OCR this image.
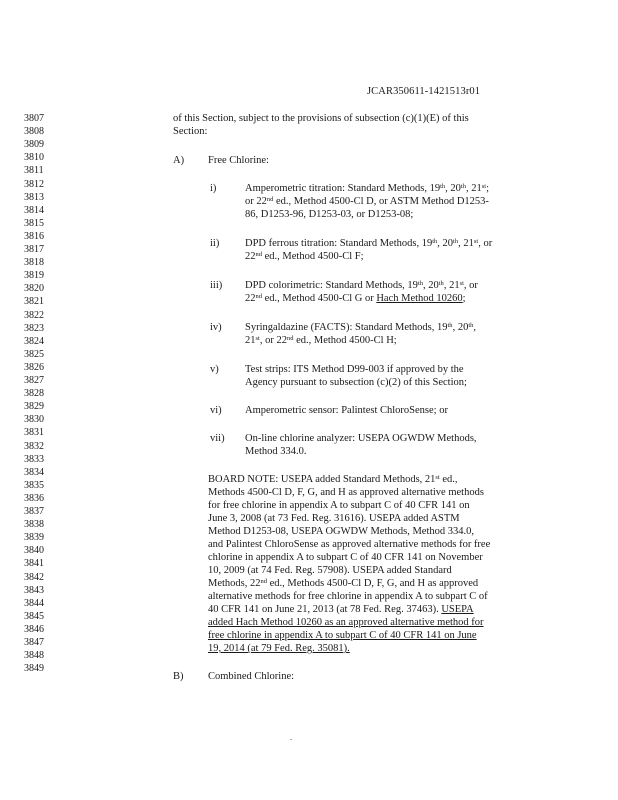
JCAR350611-1421513r01
3807
3808
3809
3810
3811
3812
3813
3814
3815
3816
3817
3818
3819
3820
3821
3822
3823
3824
3825
3826
3827
3828
3829
3830
3831
3832
3833
3834
3835
3836
3837
3838
3839
3840
3841
3842
3843
3844
3845
3846
3847
3848
3849
of this Section, subject to the provisions of subsection (c)(1)(E) of this
Section:
A) Free Chlorine:
i)	Amperometric titration: Standard Methods, 19th, 20th, 21st;
or 22nd ed., Method 4500-Cl D, or ASTM Method D1253-
86, D1253-96, D1253-03, or D1253-08;
ii) DPD ferrous titration: Standard Methods, 19th, 20th, 21st, or
22nd ed., Method 4500-Cl F;
iii) DPD colorimetric: Standard Methods, 19th, 20th, 21st, or
22nd ed., Method 4500-Cl G or Hach Method 10260;
iv) Syringaldazine (FACTS): Standard Methods, 19th, 20th,
21st, or 22nd ed., Method 4500-Cl H;
v)	Test strips: ITS Method D99-003 if approved by the
Agency pursuant to subsection (c)(2) of this Section;
vi) Amperometric sensor: Palintest ChloroSense; or
vii) On-line chlorine analyzer: USEPA OGWDW Methods,
Method 334.0.
BOARD NOTE: USEPA added Standard Methods, 21st ed.,
Methods 4500-Cl D, F, G, and H as approved alternative methods
for free chlorine in appendix A to subpart C of 40 CFR 141 on
June 3, 2008 (at 73 Fed. Reg. 31616). USEPA added ASTM
Method D1253-08, USEPA OGWDW Methods, Method 334.0,
and Palintest ChloroSense as approved alternative methods for free
chlorine in appendix A to subpart C of 40 CFR 141 on November
10, 2009 (at 74 Fed. Reg. 57908). USEPA added Standard
Methods, 22nd ed., Methods 4500-Cl D, F, G, and H as approved
alternative methods for free chlorine in appendix A to subpart C of
40 CFR 141 on June 21, 2013 (at 78 Fed. Reg. 37463). USEPA
added Hach Method 10260 as an approved alternative method for
free chlorine in appendix A to subpart C of 40 CFR 141 on June
19, 2014 (at 79 Fed. Reg. 35081).
B) Combined Chlorine:
.
